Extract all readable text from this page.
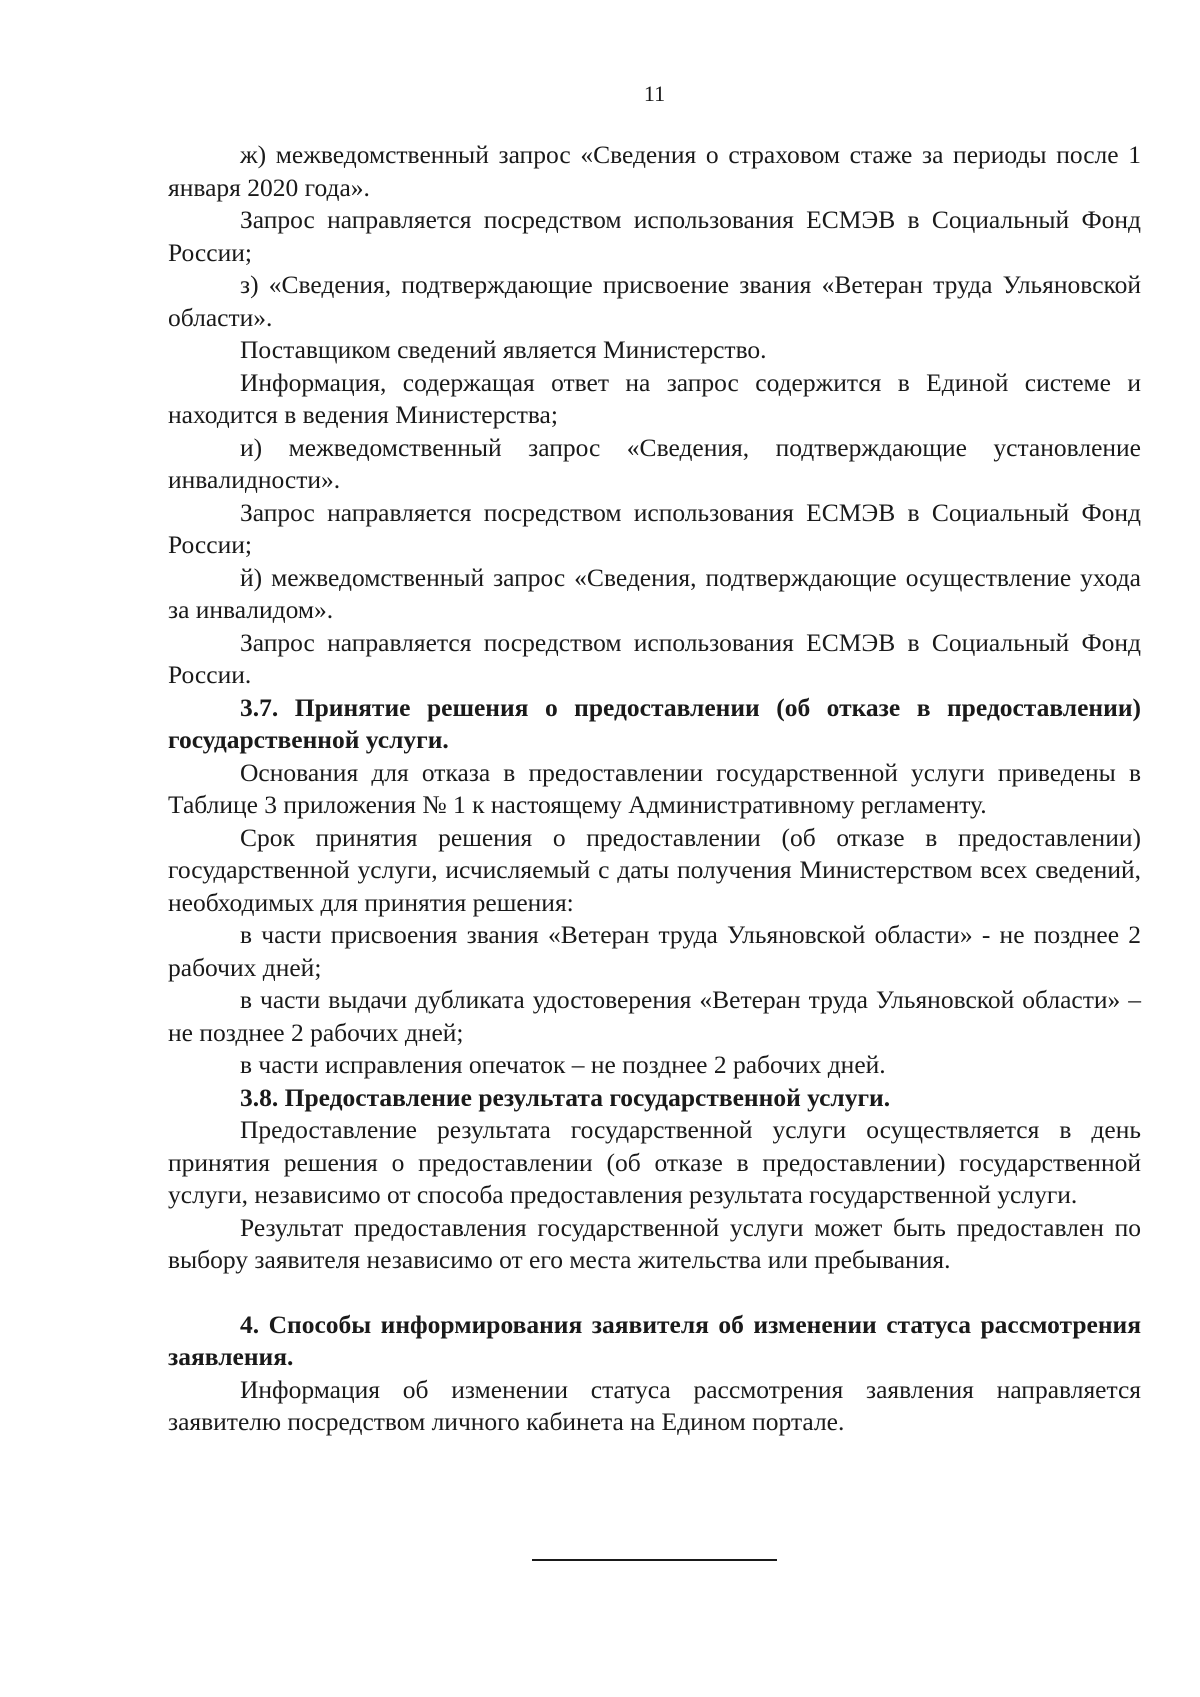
11

ж) межведомственный запрос «Сведения о страховом стаже за периоды после 1 января 2020 года».

Запрос направляется посредством использования ЕСМЭВ в Социальный Фонд России;

з) «Сведения, подтверждающие присвоение звания «Ветеран труда Ульяновской области».

Поставщиком сведений является Министерство.

Информация, содержащая ответ на запрос содержится в Единой системе и находится в ведения Министерства;

и) межведомственный запрос «Сведения, подтверждающие установление инвалидности».

Запрос направляется посредством использования ЕСМЭВ в Социальный Фонд России;

й) межведомственный запрос «Сведения, подтверждающие осуществление ухода за инвалидом».

Запрос направляется посредством использования ЕСМЭВ в Социальный Фонд России.

3.7. Принятие решения о предоставлении (об отказе в предоставлении) государственной услуги.

Основания для отказа в предоставлении государственной услуги приведены в Таблице 3 приложения № 1 к настоящему Административному регламенту.

Срок принятия решения о предоставлении (об отказе в предоставлении) государственной услуги, исчисляемый с даты получения Министерством всех сведений, необходимых для принятия решения:

в части присвоения звания «Ветеран труда Ульяновской области» - не позднее 2 рабочих дней;

в части выдачи дубликата удостоверения «Ветеран труда Ульяновской области» – не позднее 2 рабочих дней;

в части исправления опечаток – не позднее 2 рабочих дней.

3.8. Предоставление результата государственной услуги.

Предоставление результата государственной услуги осуществляется в день принятия решения о предоставлении (об отказе в предоставлении) государственной услуги, независимо от способа предоставления результата государственной услуги.

Результат предоставления государственной услуги может быть предоставлен по выбору заявителя независимо от его места жительства или пребывания.

4. Способы информирования заявителя об изменении статуса рассмотрения заявления.

Информация об изменении статуса рассмотрения заявления направляется заявителю посредством личного кабинета на Едином портале.
